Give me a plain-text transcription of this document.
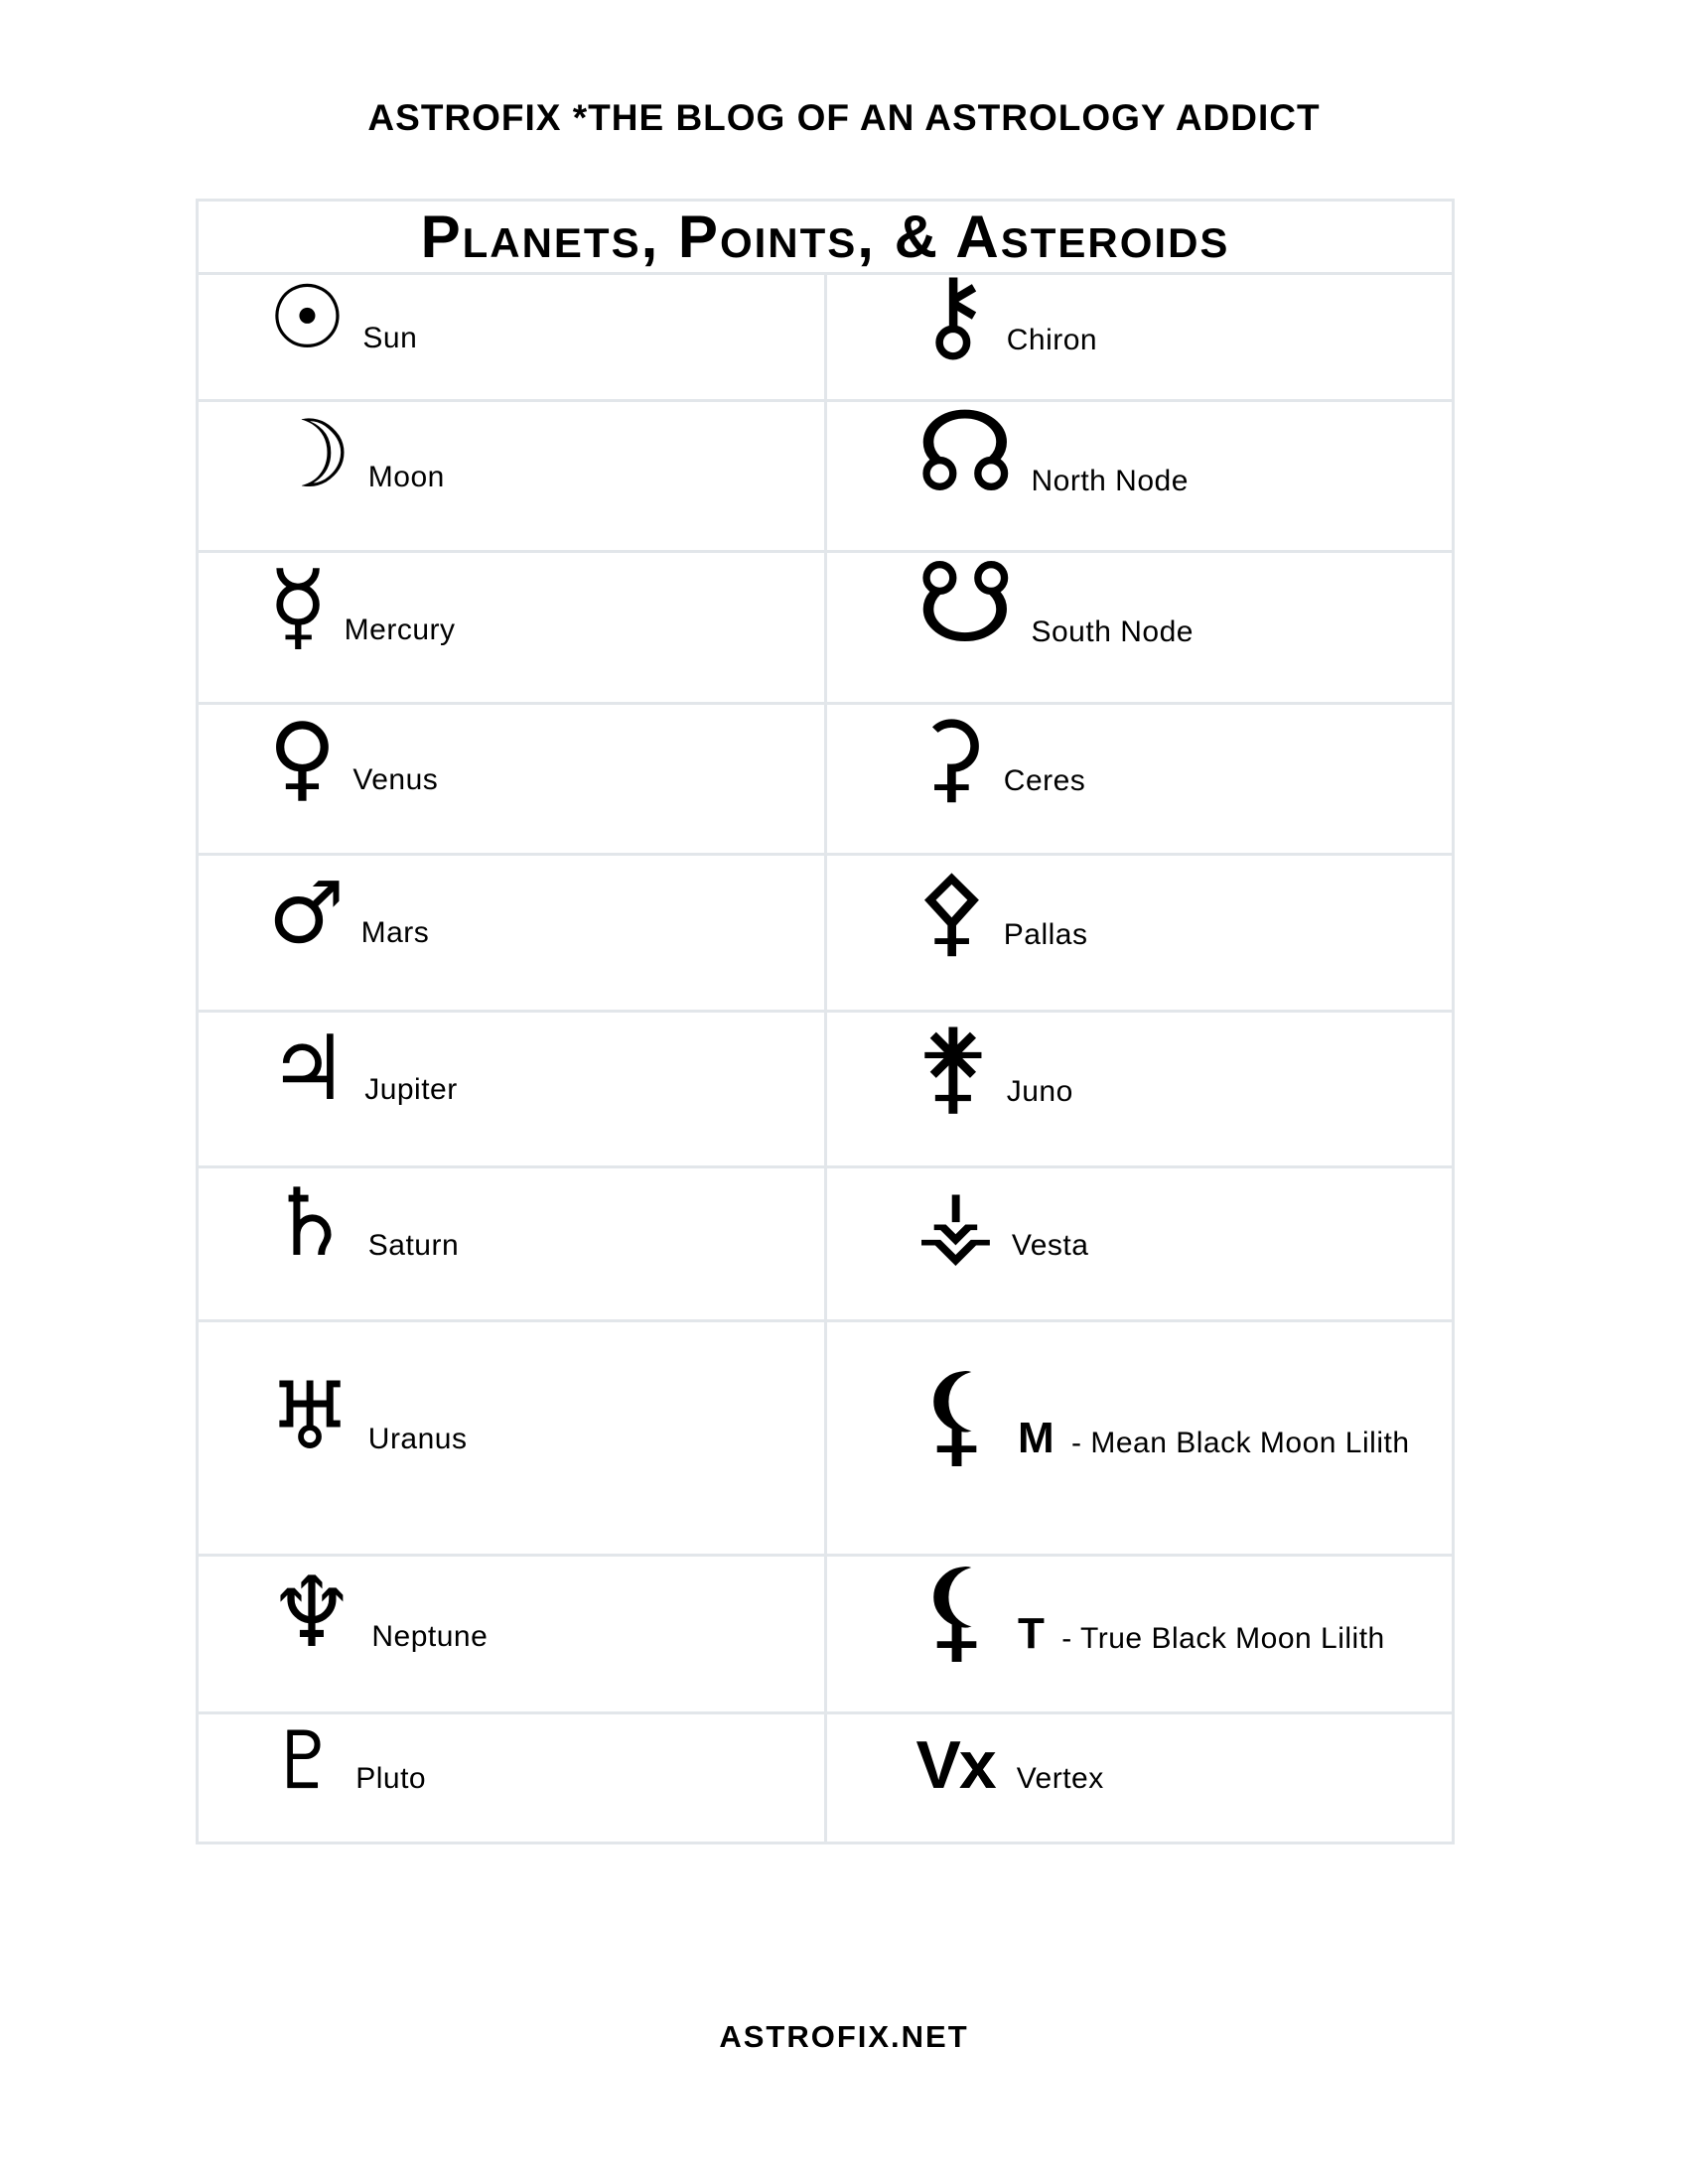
ASTROFIX *THE BLOG OF AN ASTROLOGY ADDICT
Planets, Points, & Asteroids	
☉ Sun	⚷ Chiron
☽ Moon	☊ North Node
☿ Mercury	☋ South Node
♀ Venus	⚳ Ceres
♂ Mars	⚴ Pallas
♃ Jupiter	⚵ Juno
♄ Saturn	⚶ Vesta
♅ Uranus	⚸ M - Mean Black Moon Lilith
♆ Neptune	⚸ T - True Black Moon Lilith
♇ Pluto	Vx Vertex
ASTROFIX.NET
